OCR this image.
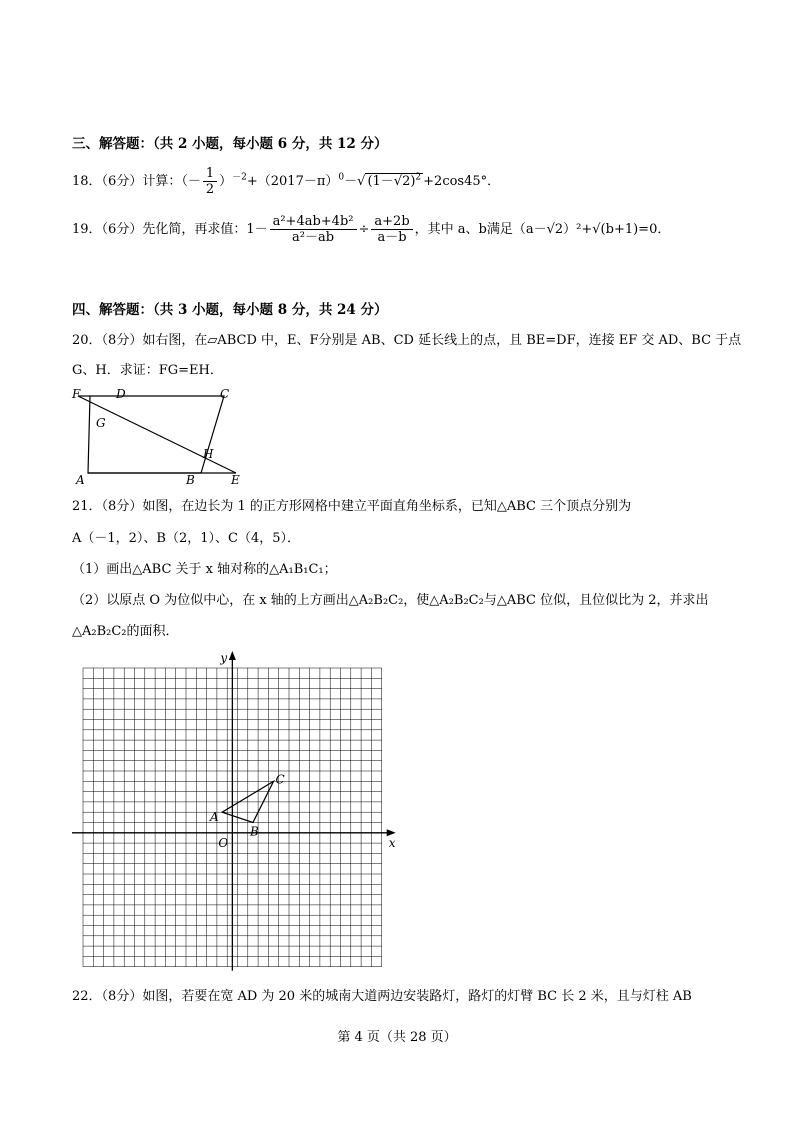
三、解答题：（共 2 小题，每小题 6 分，共 12 分）
18．（6分）计算：（－ $\frac{1}{2} )^{-2}+(2017-\pi)^0-√$ $(1-√2)^2 +2\cos 45^\circ$．
19．（6分）先化简，再求值：$1- \frac{\text{a²+4ab+4b²}}{\text{a²－ab}} \div \frac{a+2b}{a-b}$ ，其中 a、b满足（a－√2）²+√(b+1)=0．
四、解答题：（共 3 小题，每小题 8 分，共 24 分）
20．（8分）如右图，在▱ABCD 中，E、F分别是 AB、CD 延长线上的点，且 BE=DF，连接 EF 交 AD、BC 于点
G、H．求证：FG=EH．
F	D	C
G
H
A	B	E
21．（8分）如图，在边长为 1 的正方形网格中建立平面直角坐标系，已知△ABC 三个顶点分别为
A（－1，2）、B（2，1）、C（4，5）．
（1）画出△ABC 关于 x 轴对称的△A₁B₁C₁；
（2）以原点 O 为位似中心，在 x 轴的上方画出△A₂B₂C₂，使△A₂B₂C₂与△ABC 位似，且位似比为 2，并求出
△A₂B₂C₂的面积．
x
y
O
A
B
C
22．（8分）如图，若要在宽 AD 为 20 米的城南大道两边安装路灯，路灯的灯臂 BC 长 2 米，且与灯柱 AB
第 4 页（共 28 页）
